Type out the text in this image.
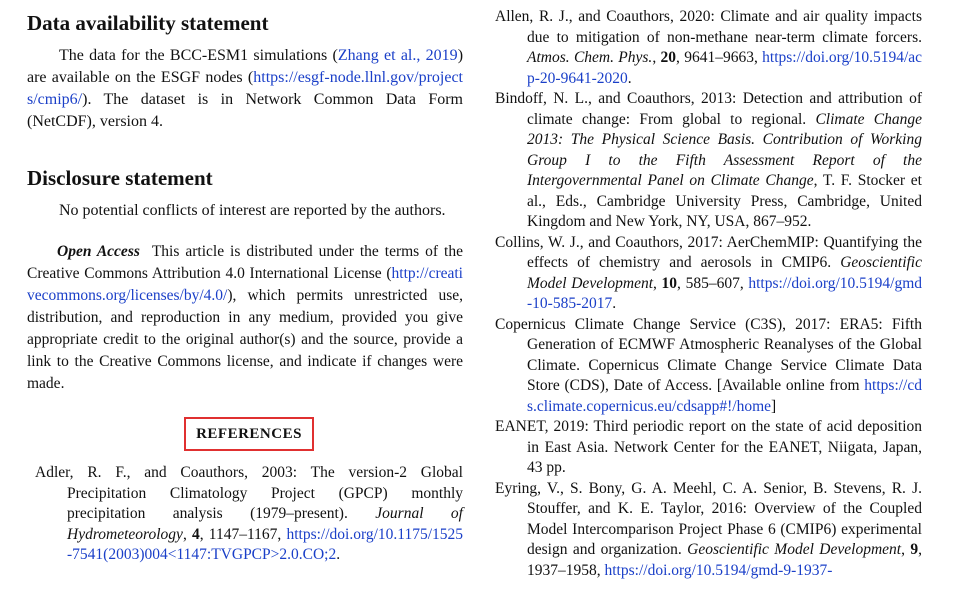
Data availability statement

The data for the BCC-ESM1 simulations (Zhang et al., 2019) are available on the ESGF nodes (https://esgf-node.llnl.gov/projects/cmip6/). The dataset is in Network Common Data Form (NetCDF), version 4.

Disclosure statement

No potential conflicts of interest are reported by the authors.

Open Access This article is distributed under the terms of the Creative Commons Attribution 4.0 International License (http://creativecommons.org/licenses/by/4.0/), which permits unrestricted use, distribution, and reproduction in any medium, provided you give appropriate credit to the original author(s) and the source, provide a link to the Creative Commons license, and indicate if changes were made.

REFERENCES

Adler, R. F., and Coauthors, 2003: The version-2 Global Precipitation Climatology Project (GPCP) monthly precipitation analysis (1979–present). Journal of Hydrometeorology, 4, 1147–1167, https://doi.org/10.1175/1525-7541(2003)004<1147:TVGPCP>2.0.CO;2.

Allen, R. J., and Coauthors, 2020: Climate and air quality impacts due to mitigation of non-methane near-term climate forcers. Atmos. Chem. Phys., 20, 9641–9663, https://doi.org/10.5194/acp-20-9641-2020.

Bindoff, N. L., and Coauthors, 2013: Detection and attribution of climate change: From global to regional. Climate Change 2013: The Physical Science Basis. Contribution of Working Group I to the Fifth Assessment Report of the Intergovernmental Panel on Climate Change, T. F. Stocker et al., Eds., Cambridge University Press, Cambridge, United Kingdom and New York, NY, USA, 867–952.

Collins, W. J., and Coauthors, 2017: AerChemMIP: Quantifying the effects of chemistry and aerosols in CMIP6. Geoscientific Model Development, 10, 585–607, https://doi.org/10.5194/gmd-10-585-2017.

Copernicus Climate Change Service (C3S), 2017: ERA5: Fifth Generation of ECMWF Atmospheric Reanalyses of the Global Climate. Copernicus Climate Change Service Climate Data Store (CDS), Date of Access. [Available online from https://cds.climate.copernicus.eu/cdsapp#!/home]

EANET, 2019: Third periodic report on the state of acid deposition in East Asia. Network Center for the EANET, Niigata, Japan, 43 pp.

Eyring, V., S. Bony, G. A. Meehl, C. A. Senior, B. Stevens, R. J. Stouffer, and K. E. Taylor, 2016: Overview of the Coupled Model Intercomparison Project Phase 6 (CMIP6) experimental design and organization. Geoscientific Model Development, 9, 1937–1958, https://doi.org/10.5194/gmd-9-1937-
